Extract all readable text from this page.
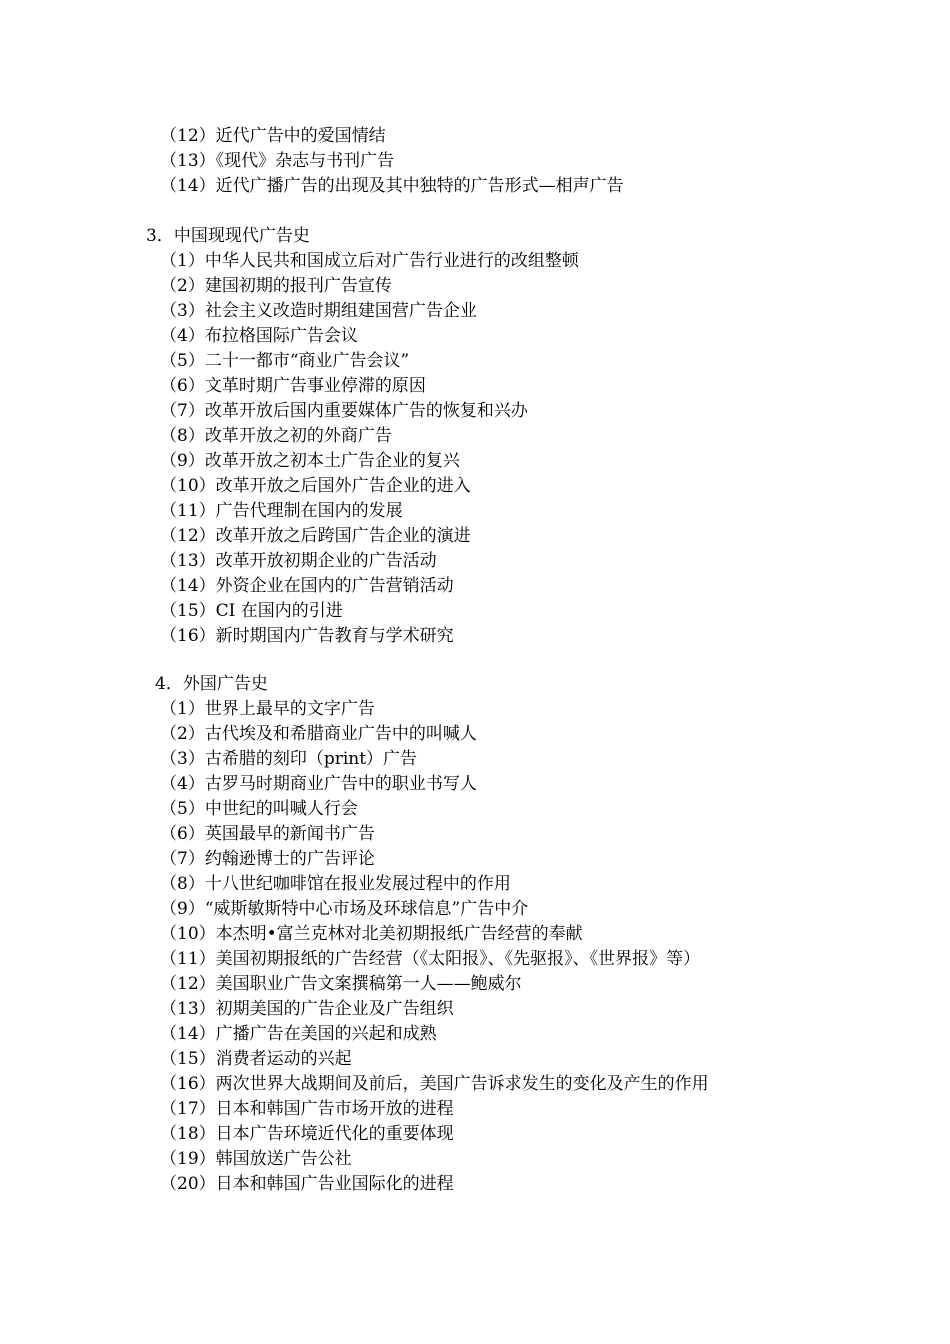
（12）近代广告中的爱国情结
（13）《现代》杂志与书刊广告
（14）近代广播广告的出现及其中独特的广告形式—相声广告
3．中国现现代广告史
（1）中华人民共和国成立后对广告行业进行的改组整顿
（2）建国初期的报刊广告宣传
（3）社会主义改造时期组建国营广告企业
（4）布拉格国际广告会议
（5）二十一都市“商业广告会议”
（6）文革时期广告事业停滞的原因
（7）改革开放后国内重要媒体广告的恢复和兴办
（8）改革开放之初的外商广告
（9）改革开放之初本土广告企业的复兴
（10）改革开放之后国外广告企业的进入
（11）广告代理制在国内的发展
（12）改革开放之后跨国广告企业的演进
（13）改革开放初期企业的广告活动
（14）外资企业在国内的广告营销活动
（15）CI 在国内的引进
（16）新时期国内广告教育与学术研究
4．外国广告史
（1）世界上最早的文字广告
（2）古代埃及和希腊商业广告中的叫喊人
（3）古希腊的刻印（print）广告
（4）古罗马时期商业广告中的职业书写人
（5）中世纪的叫喊人行会
（6）英国最早的新闻书广告
（7）约翰逊博士的广告评论
（8）十八世纪咖啡馆在报业发展过程中的作用
（9）“威斯敏斯特中心市场及环球信息”广告中介
（10）本杰明•富兰克林对北美初期报纸广告经营的奉献
（11）美国初期报纸的广告经营（《太阳报》、《先驱报》、《世界报》等）
（12）美国职业广告文案撰稿第一人——鲍威尔
（13）初期美国的广告企业及广告组织
（14）广播广告在美国的兴起和成熟
（15）消费者运动的兴起
（16）两次世界大战期间及前后，美国广告诉求发生的变化及产生的作用
（17）日本和韩国广告市场开放的进程
（18）日本广告环境近代化的重要体现
（19）韩国放送广告公社
（20）日本和韩国广告业国际化的进程
